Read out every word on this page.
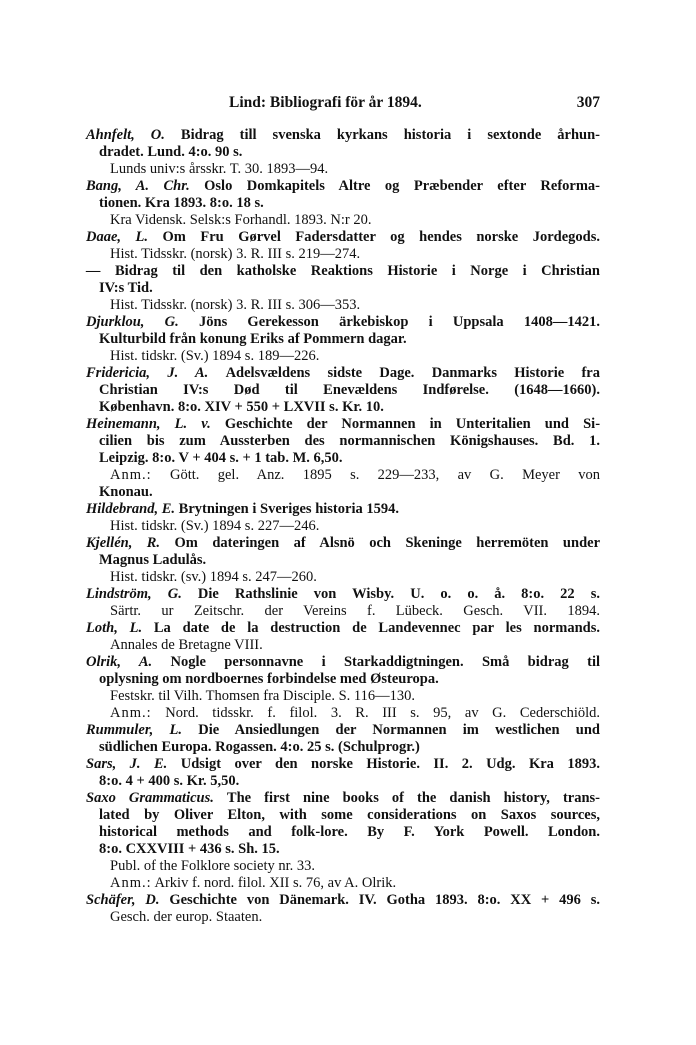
Lind: Bibliografi för år 1894.	307
Ahnfelt, O. Bidrag till svenska kyrkans historia i sextonde århun-
dradet. Lund. 4:o. 90 s.
Lunds univ:s årsskr. T. 30. 1893—94.
Bang, A. Chr. Oslo Domkapitels Altre og Præbender efter Reforma-
tionen. Kra 1893. 8:o. 18 s.
Kra Vidensk. Selsk:s Forhandl. 1893. N:r 20.
Daae, L. Om Fru Gørvel Fadersdatter og hendes norske Jordegods.
Hist. Tidsskr. (norsk) 3. R. III s. 219—274.
— Bidrag til den katholske Reaktions Historie i Norge i Christian
IV:s Tid.
Hist. Tidsskr. (norsk) 3. R. III s. 306—353.
Djurklou, G. Jöns Gerekesson ärkebiskop i Uppsala 1408—1421.
Kulturbild från konung Eriks af Pommern dagar.
Hist. tidskr. (Sv.) 1894 s. 189—226.
Fridericia, J. A. Adelsvældens sidste Dage. Danmarks Historie fra
Christian IV:s Død til Enevældens Indførelse. (1648—1660).
København. 8:o. XIV + 550 + LXVII s. Kr. 10.
Heinemann, L. v. Geschichte der Normannen in Unteritalien und Si-
cilien bis zum Aussterben des normannischen Königshauses. Bd. 1.
Leipzig. 8:o. V + 404 s. + 1 tab. M. 6,50.
Anm.: Gött. gel. Anz. 1895 s. 229—233, av G. Meyer von
Knonau.
Hildebrand, E. Brytningen i Sveriges historia 1594.
Hist. tidskr. (Sv.) 1894 s. 227—246.
Kjellén, R. Om dateringen af Alsnö och Skeninge herremöten under
Magnus Ladulås.
Hist. tidskr. (sv.) 1894 s. 247—260.
Lindström, G. Die Rathslinie von Wisby. U. o. o. å. 8:o. 22 s.
Särtr. ur Zeitschr. der Vereins f. Lübeck. Gesch. VII. 1894.
Loth, L. La date de la destruction de Landevennec par les normands.
Annales de Bretagne VIII.
Olrik, A. Nogle personnavne i Starkaddigtningen. Små bidrag til
oplysning om nordboernes forbindelse med Østeuropa.
Festskr. til Vilh. Thomsen fra Disciple. S. 116—130.
Anm.: Nord. tidsskr. f. filol. 3. R. III s. 95, av G. Cederschiöld.
Rummuler, L. Die Ansiedlungen der Normannen im westlichen und
südlichen Europa. Rogassen. 4:o. 25 s. (Schulprogr.)
Sars, J. E. Udsigt over den norske Historie. II. 2. Udg. Kra 1893.
8:o. 4 + 400 s. Kr. 5,50.
Saxo Grammaticus. The first nine books of the danish history, trans-
lated by Oliver Elton, with some considerations on Saxos sources,
historical methods and folk-lore. By F. York Powell. London.
8:o. CXXVIII + 436 s. Sh. 15.
Publ. of the Folklore society nr. 33.
Anm.: Arkiv f. nord. filol. XII s. 76, av A. Olrik.
Schäfer, D. Geschichte von Dänemark. IV. Gotha 1893. 8:o. XX + 496 s.
Gesch. der europ. Staaten.
